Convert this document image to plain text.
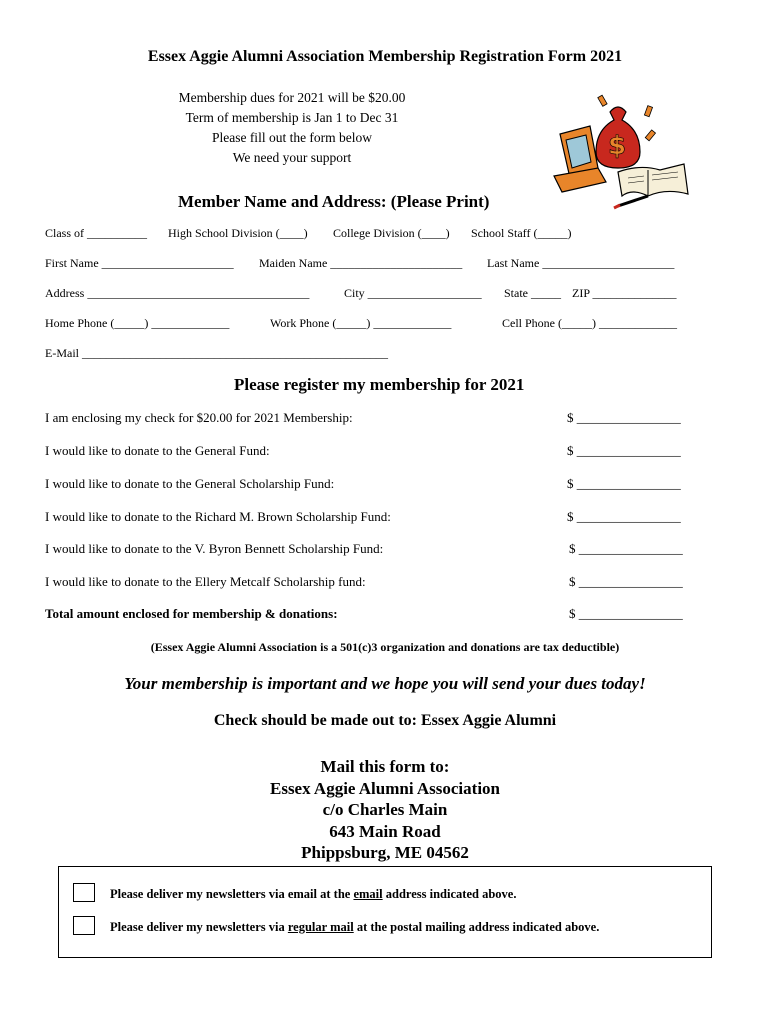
Essex Aggie Alumni Association Membership Registration Form 2021
Membership dues for 2021 will be $20.00
Term of membership is Jan 1 to Dec 31
Please fill out the form below
We need your support	$
Member Name and Address: (Please Print)
Class of __________ High School Division (____) College Division (____) School Staff (_____)
First Name ______________________ Maiden Name ______________________ Last Name ______________________
Address _____________________________________	City ___________________ State _____ ZIP ______________
Home Phone (_____) _____________	Work Phone (_____) _____________	Cell Phone (_____) _____________
E-Mail ___________________________________________________
Please register my membership for 2021
I am enclosing my check for $20.00 for 2021 Membership:	$ ________________
I would like to donate to the General Fund:	$ ________________
I would like to donate to the General Scholarship Fund:	$ ________________
I would like to donate to the Richard M. Brown Scholarship Fund:	$ ________________
I would like to donate to the V. Byron Bennett Scholarship Fund:	$ ________________
I would like to donate to the Ellery Metcalf Scholarship fund:	$ ________________
Total amount enclosed for membership & donations:	$ ________________
(Essex Aggie Alumni Association is a 501(c)3 organization and donations are tax deductible)
Your membership is important and we hope you will send your dues today!
Check should be made out to: Essex Aggie Alumni
Mail this form to:
Essex Aggie Alumni Association
c/o Charles Main
643 Main Road
Phippsburg, ME 04562
Please deliver my newsletters via email at the email address indicated above.
Please deliver my newsletters via regular mail at the postal mailing address indicated above.
